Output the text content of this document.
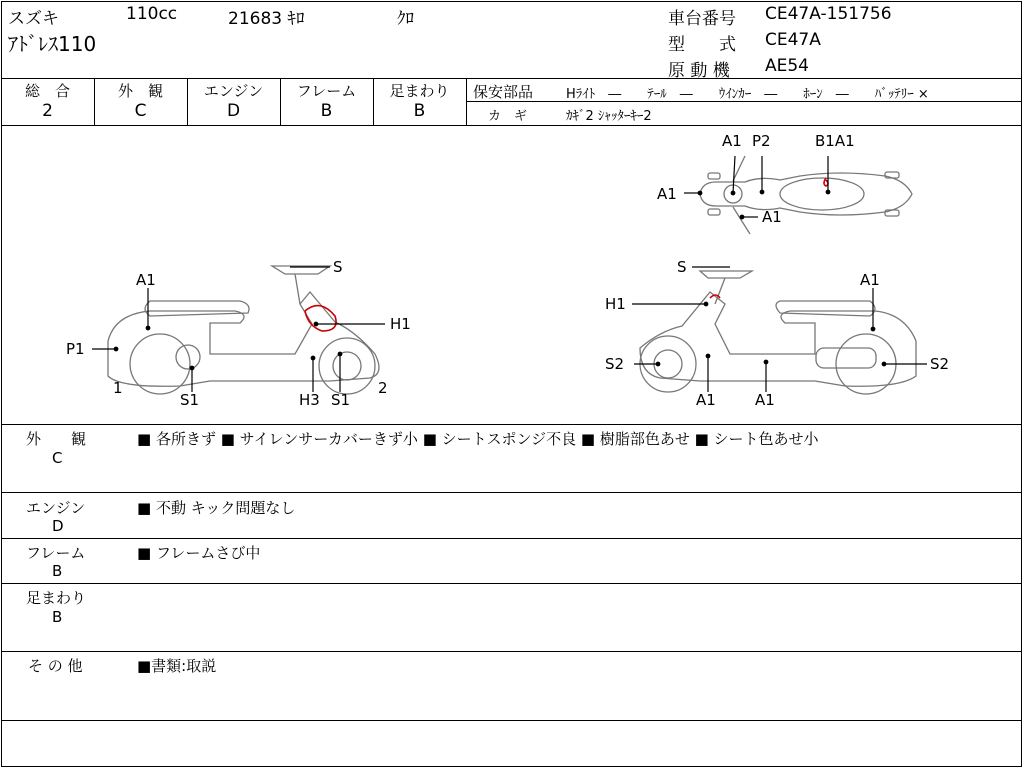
スズキ	110cc	21683 ｷﾛ	ｸﾛ
ｱﾄﾞﾚｽ110
車台番号 CE47A-151756
型　　式 CE47A
原 動 機 AE54
総　合
2
外　観
C
エンジン
D
フレーム
B
足まわり
B
保安部品	Hﾗｲﾄ　―　　ﾃｰﾙ　―　　ｳｲﾝｶｰ　―　　ﾎｰﾝ　―　　ﾊﾞｯﾃﾘｰ ×
カ　ギ	ｶｷﾞ2 ｼｬｯﾀｰｷｰ2
A1 P2	B1A1
A1
A1
S
A1
H1
P1
1	2
S1	H3 S1
S
H1
A1
S2	S2
A1	A1
外　　観
C
■ 各所きず ■ サイレンサーカバーきず小 ■ シートスポンジ不良 ■ 樹脂部色あせ ■ シート色あせ小
エンジン
D
■ 不動 キック問題なし
フレーム
B
■ フレームさび中
足まわり
B
そ の 他	■書類:取説
